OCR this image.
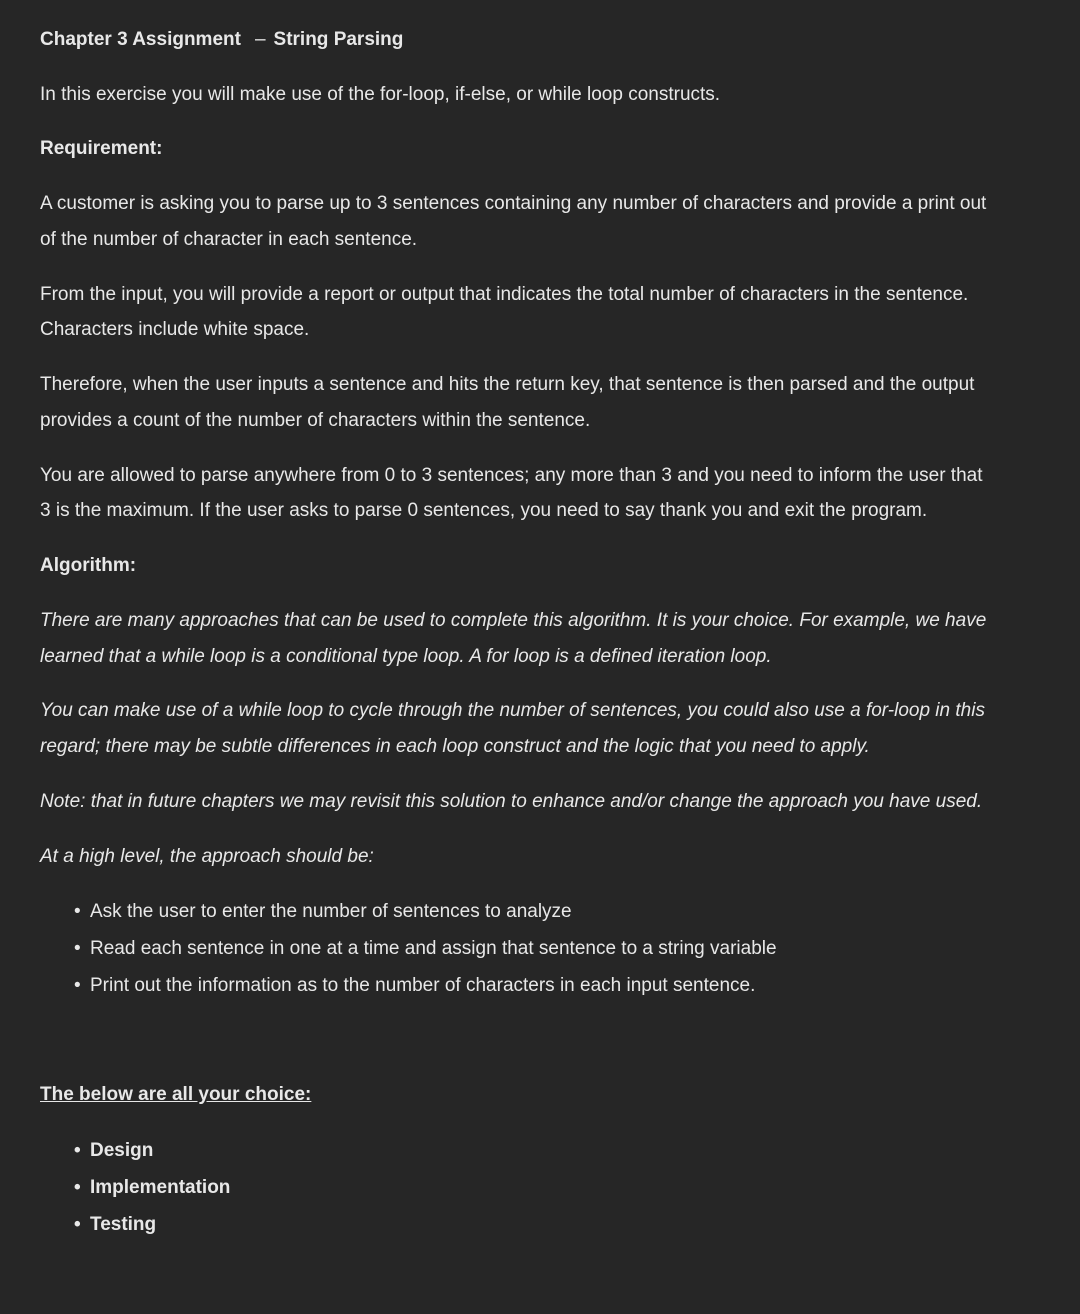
Chapter 3 Assignment – String Parsing
In this exercise you will make use of the for-loop, if-else, or while loop constructs.
Requirement:
A customer is asking you to parse up to 3 sentences containing any number of characters and provide a print out
of the number of character in each sentence.
From the input, you will provide a report or output that indicates the total number of characters in the sentence.
Characters include white space.
Therefore, when the user inputs a sentence and hits the return key, that sentence is then parsed and the output
provides a count of the number of characters within the sentence.
You are allowed to parse anywhere from 0 to 3 sentences; any more than 3 and you need to inform the user that
3 is the maximum. If the user asks to parse 0 sentences, you need to say thank you and exit the program.
Algorithm:
There are many approaches that can be used to complete this algorithm. It is your choice. For example, we have
learned that a while loop is a conditional type loop. A for loop is a defined iteration loop.
You can make use of a while loop to cycle through the number of sentences, you could also use a for-loop in this
regard; there may be subtle differences in each loop construct and the logic that you need to apply.
Note: that in future chapters we may revisit this solution to enhance and/or change the approach you have used.
At a high level, the approach should be:
• Ask the user to enter the number of sentences to analyze
• Read each sentence in one at a time and assign that sentence to a string variable
• Print out the information as to the number of characters in each input sentence.
The below are all your choice:
• Design
• Implementation
• Testing
